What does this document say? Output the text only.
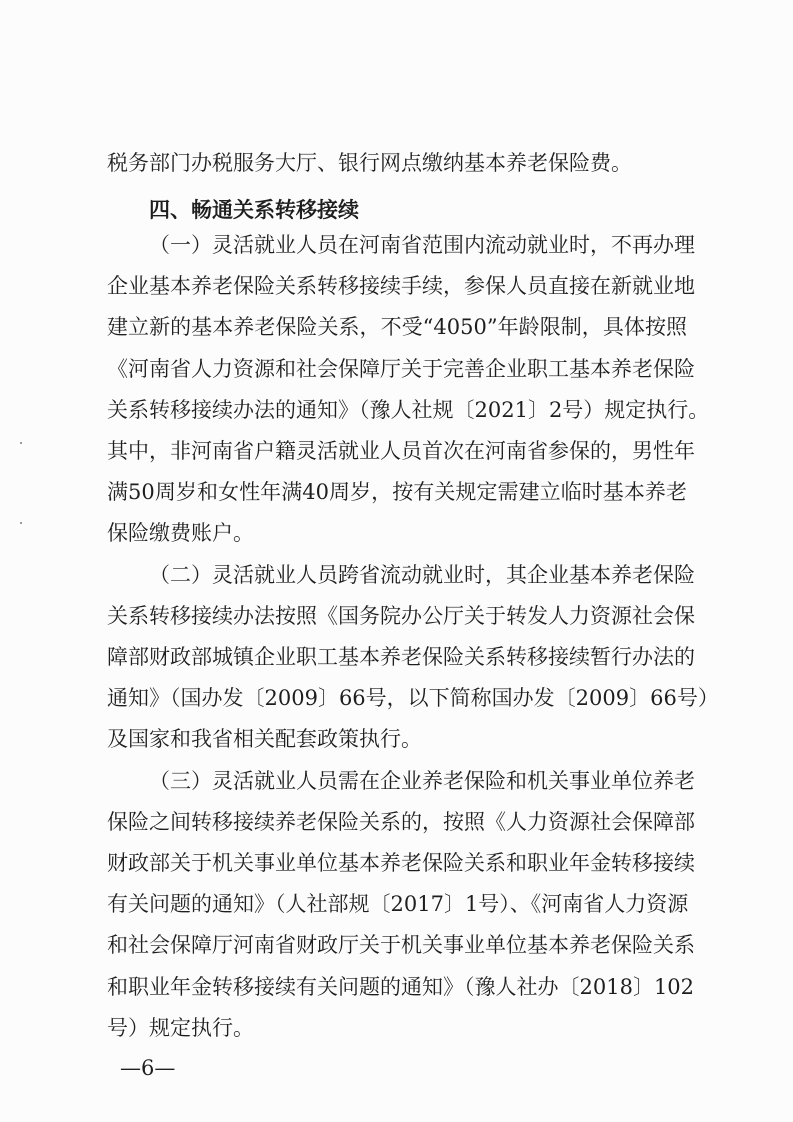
税务部门办税服务大厅、银行网点缴纳基本养老保险费。
四、畅通关系转移接续
（一）灵活就业人员在河南省范围内流动就业时，不再办理
企业基本养老保险关系转移接续手续，参保人员直接在新就业地
建立新的基本养老保险关系，不受“4050”年龄限制，具体按照
《河南省人力资源和社会保障厅关于完善企业职工基本养老保险
关系转移接续办法的通知》（豫人社规〔2021〕2号）规定执行。
其中，非河南省户籍灵活就业人员首次在河南省参保的，男性年
满50周岁和女性年满40周岁，按有关规定需建立临时基本养老
保险缴费账户。
（二）灵活就业人员跨省流动就业时，其企业基本养老保险
关系转移接续办法按照《国务院办公厅关于转发人力资源社会保
障部财政部城镇企业职工基本养老保险关系转移接续暂行办法的
通知》（国办发〔2009〕66号，以下简称国办发〔2009〕66号）
及国家和我省相关配套政策执行。
（三）灵活就业人员需在企业养老保险和机关事业单位养老
保险之间转移接续养老保险关系的，按照《人力资源社会保障部
财政部关于机关事业单位基本养老保险关系和职业年金转移接续
有关问题的通知》（人社部规〔2017〕1号）、《河南省人力资源
和社会保障厅河南省财政厅关于机关事业单位基本养老保险关系
和职业年金转移接续有关问题的通知》（豫人社办〔2018〕102
号）规定执行。
—6—
